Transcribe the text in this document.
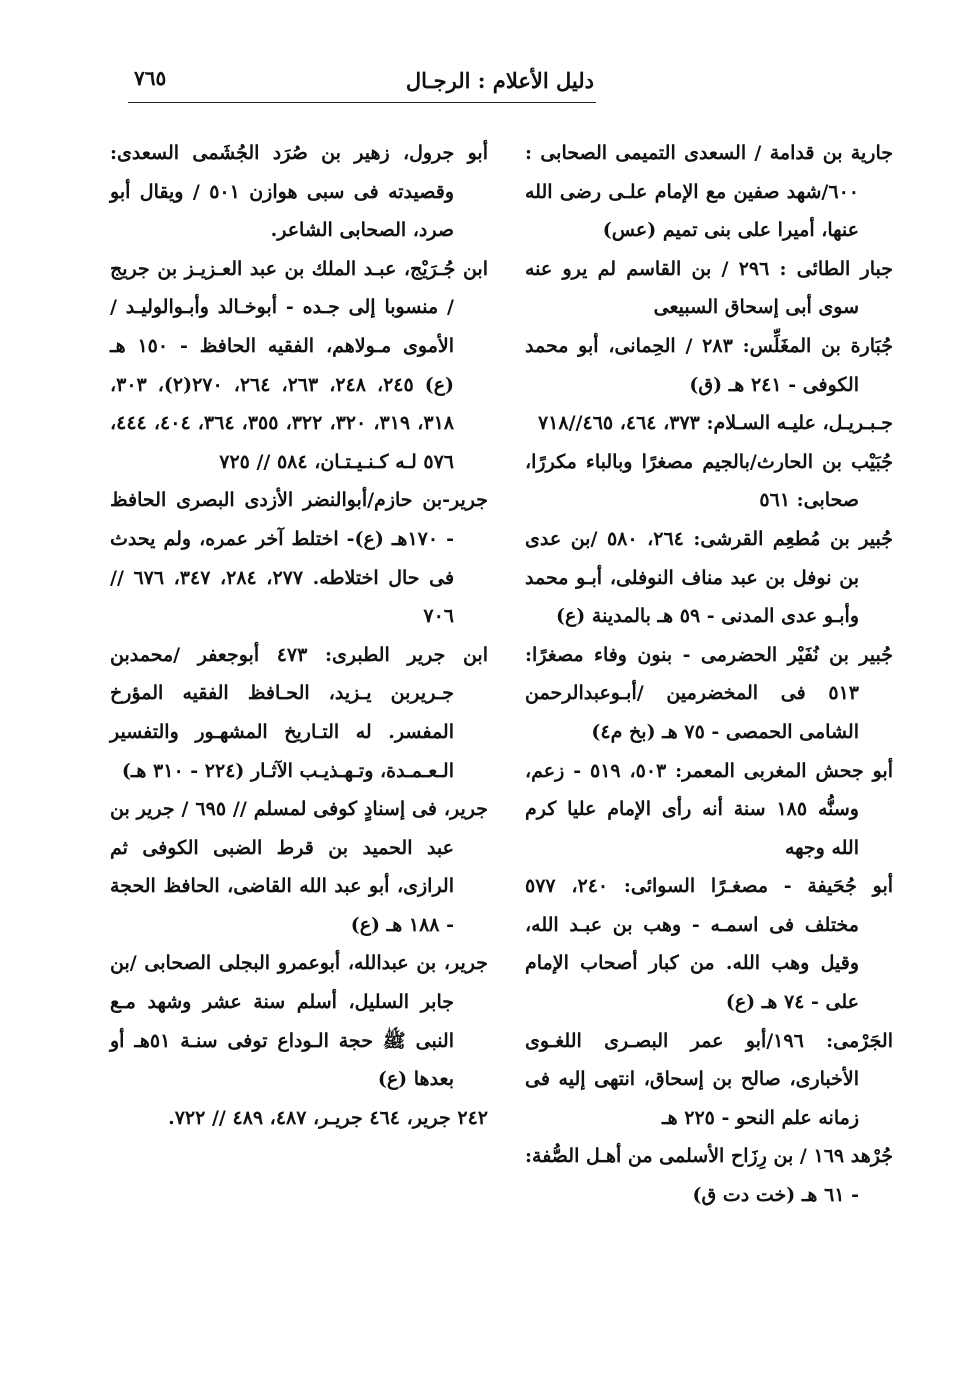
دليل الأعلام : الرجـال
٧٦٥

جارية بن قدامة / السعدى التميمى الصحابى : ٦٠٠/شهد صفين مع الإمام علـى رضى الله عنها، أميرا على بنى تميم (عس)

جبار الطائى : ٢٩٦ / بن القاسم لم يرو عنه سوى أبى إسحاق السبيعى

جُبَارة بن المغَلِّس: ٢٨٣ / الحِمانى، أبو محمد الكوفى - ٢٤١ هـ (ق)

جـبـريـل، عليـه السـلام: ٣٧٣، ٤٦٤، ٤٦٥//٧١٨

جُبَيْب بن الحارث/بالجيم مصغرًا وبالباء مكررًا، صحابى: ٥٦١

جُبير بن مُطعِم القرشى: ٢٦٤، ٥٨٠ /بن عدى بن نوفل بن عبد مناف النوفلى، أبـو محمد وأبـو عدى المدنى - ٥٩ هـ بالمدينة (ع)

جُبير بن نُفَيْر الحضرمى - بنون وفاء مصغرًا: ٥١٣ فى المخضرمين /أبـوعبدالرحمن الشامى الحمصى - ٧٥ هـ (بخ م٤)

أبو جحش المغربى المعمر: ٥٠٣، ٥١٩ - زعم، وسنُّه ١٨٥ سنة أنه رأى الإمام عليا كرم الله وجهه

أبو جُحَيفة - مصغـرًا السوائى: ٢٤٠، ٥٧٧ مختلف فى اسمـه - وهب بن عبـد الله، وقيل وهب الله. من كبار أصحاب الإمام على - ٧٤ هـ (ع)

الجَرْمى: ١٩٦/أبو عمر البصـرى اللغـوى الأخبارى، صالح بن إسحاق، انتهى إليه فى زمانه علم النحو - ٢٢٥ هـ

جُرْهد ١٦٩ / بن رِزَاح الأسلمى من أهـل الصُّفة: - ٦١ هـ (خت دت ق)

أبو جرول، زهير بن صُرَد الجُشَمى السعدى: وقصيدته فى سبى هوازن ٥٠١ / ويقال أبو صرد، الصحابى الشاعر.

ابن جُـرَيْج، عبـد الملك بن عبد العـزيـز بن جريج / منسوبا إلى جـده - أبوخـالد وأبـوالوليـد / الأموى مـولاهم، الفقيه الحافظ - ١٥٠ هـ (ع) ٢٤٥، ٢٤٨، ٢٦٣، ٢٦٤، ٢٧٠(٢)، ٣٠٣، ٣١٨، ٣١٩، ٣٢٠، ٣٢٢، ٣٥٥، ٣٦٤، ٤٠٤، ٤٤٤، ٥٧٦ لـه كـنـيـتـان، ٥٨٤ // ٧٢٥

جرير-بن حازم/أبوالنضر الأزدى البصرى الحافظ - ١٧٠هـ (ع)- اختلط آخر عمره، ولم يحدث فى حال اختلاطه. ٢٧٧، ٢٨٤، ٣٤٧، ٦٧٦ // ٧٠٦

ابن جرير الطبرى: ٤٧٣ أبوجعفر /محمدبن جـريربن يـزيد، الحـافظ الفقيه المؤرخ المفسر. له التـاريخ المشهـور والتفسير الـعـمـدة، وتـهـذيـب الآثـار (٢٢٤ - ٣١٠ هـ)

جرير، فى إسنادٍ كوفى لمسلم // ٦٩٥ / جرير بن عبد الحميد بن قرط الضبى الكوفى ثم الرازى، أبو عبد الله القاضى، الحافظ الحجة - ١٨٨ هـ (ع)

جرير، بن عبدالله، أبوعمرو البجلى الصحابى /بن جابر السليل، أسلم سنة عشر وشهد مـع النبى ﷺ حجة الـوداع توفى سنـة ٥١هـ أو بعدها (ع)

٢٤٢ جرير، ٤٦٤ جريـر، ٤٨٧، ٤٨٩ // ٧٢٢.
